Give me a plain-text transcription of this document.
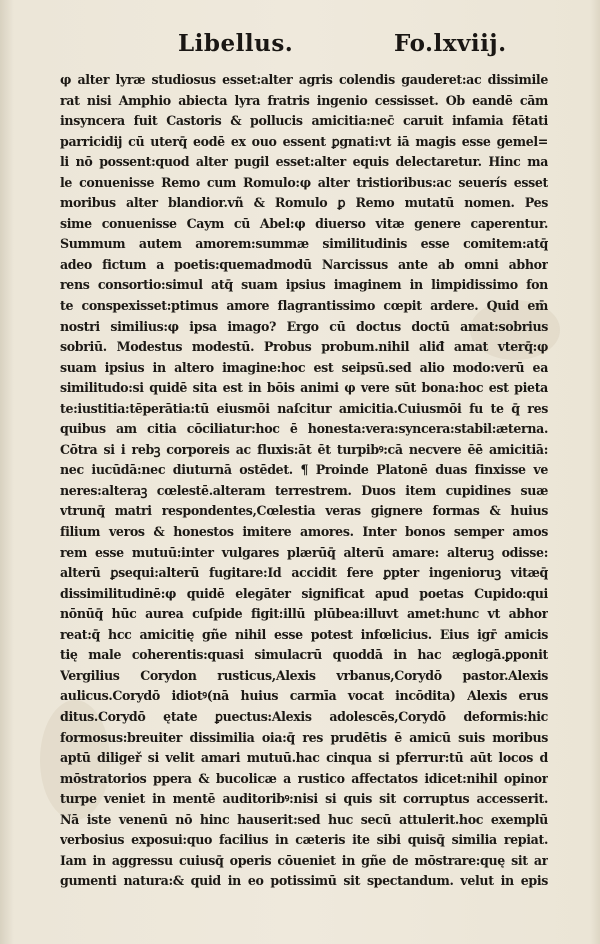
Libellus.	Fo.lxviij.
φ alter lyræ studiosus esset:alter agris colendis gauderet:ac dissimile
rat nisi Amphio abiecta lyra fratris ingenio cessisset. Ob eandē cām
insyncera fuit Castoris & pollucis amicitia:nec̄ caruit infamia fētati
parricidij cū uterq̄ eodē ex ouo essent ꝑgnati:vt iā magis esse gemel=
li nō possent:quod alter pugil esset:alter equis delectaretur. Hinc ma
le conuenisse Remo cum Romulo:φ alter tristioribus:ac seuerís esset
moribus alter blandior.vñ & Romulo ꝑ Remo mutatū nomen. Pes
sime conuenisse Caym cū Abel:φ diuerso vitæ genere caperentur.
Summum autem amorem:summæ similitudinis esse comitem:atq̄
adeo fictum a poetis:quemadmodū Narcissus ante ab omni abhor
rens consortio:simul atq̄ suam ipsius imaginem in limpidissimo fon
te conspexisset:ptimus amore flagrantissimo cœpit ardere. Quid em̄
nostri similius:φ ipsa imago? Ergo cū doctus doctū amat:sobrius
sobriū. Modestus modestū. Probus probum.nihil aliđ amat vterq̄:φ
suam ipsius in altero imagine:hoc est seipsū.sed alio modo:verū ea
similitudo:si quidē sita est in bōis animi φ vere sūt bona:hoc est pieta
te:iustitia:tēperātia:tū eiusmōi naſcitur amicitia.Cuiusmōi fu te q̄ res
quibus am citia cōciliatur:hoc ē honesta:vera:syncera:stabil:æterna.
Cōtra si i rebꝫ corporeis ac fluxis:āt ēt turpibꝰ:cā necvere ēē amicitiā:
nec iucūdā:nec diuturnā ostēdet. ¶ Proinde Platonē duas finxisse ve
neres:alteraꝫ cœlestē.alteram terrestrem. Duos item cupidines suæ
vtrunq̄ matri respondentes,Cœlestia veras gignere formas & huius
filium veros & honestos imitere amores. Inter bonos semper amos
rem esse mutuū:inter vulgares plærūq̄ alterū amare: alteruꝫ odisse:
alterū ꝑsequi:alterū fugitare:Id accidit fere ꝑpter ingenioruꝫ vitæq̄
dissimilitudinē:φ quidē elegāter significat apud poetas Cupido:qui
nōnūq̄ hūc aurea cuſpide figit:illū plūbea:illuvt amet:hunc vt abhor
reat:q̄ hcc amicitię gñe nihil esse potest infœlicius. Eius igr̄ amicis
tię male coherentis:quasi simulacrū quoddā in hac æglogā.ꝑponit
Vergilius Corydon rusticus,Alexis vrbanus,Corydō pastor.Alexis
aulicus.Corydō idiotꝰ(nā huius carmīa vocat incōdita) Alexis erus
ditus.Corydō ętate ꝑuectus:Alexis adolescēs,Corydō deformis:hic
formosus:breuiter dissimilia oia:q̄ res prudētis ē amicū suis moribus
aptū diligeř si velit amari mutuū.hac cinqua si pferrur:tū aūt locos ď
mōstratorios ppera & bucolicæ a rustico affectatos idicet:nihil opinor
turpe veniet in mentē auditoribꝰ:nisi si quis sit corruptus accesserit.
Nā iste venenū nō hinc hauserit:sed huc secū attulerit.hoc exemplū
verbosius exposui:quo facilius in cæteris ite sibi quisq̄ similia repiat.
Iam in aggressu cuiusq̄ operis cōueniet in gñe de mōstrare:quę sit ar
gumenti natura:& quid in eo potissimū sit spectandum. velut in epis
